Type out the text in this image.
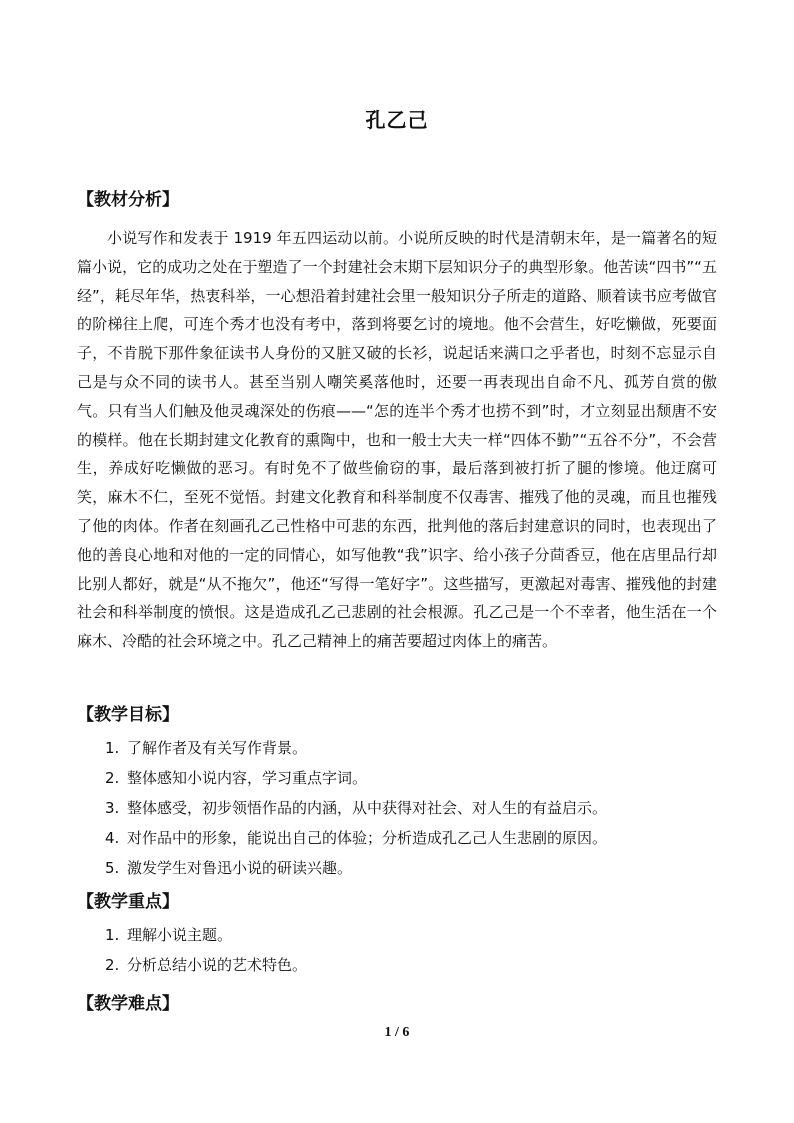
孔乙己
【教材分析】

小说写作和发表于 1919 年五四运动以前。小说所反映的时代是清朝末年，是一篇著名的短篇小说，它的成功之处在于塑造了一个封建社会末期下层知识分子的典型形象。他苦读“四书”“五经”，耗尽年华，热衷科举，一心想沿着封建社会里一般知识分子所走的道路、顺着读书应考做官的阶梯往上爬，可连个秀才也没有考中，落到将要乞讨的境地。他不会营生，好吃懒做，死要面子，不肯脱下那件象征读书人身份的又脏又破的长衫，说起话来满口之乎者也，时刻不忘显示自己是与众不同的读书人。甚至当别人嘲笑奚落他时，还要一再表现出自命不凡、孤芳自赏的傲气。只有当人们触及他灵魂深处的伤痕——“怎的连半个秀才也捞不到”时，才立刻显出颓唐不安的模样。他在长期封建文化教育的熏陶中，也和一般士大夫一样“四体不勤”“五谷不分”，不会营生，养成好吃懒做的恶习。有时免不了做些偷窃的事，最后落到被打折了腿的惨境。他迂腐可笑，麻木不仁，至死不觉悟。封建文化教育和科举制度不仅毒害、摧残了他的灵魂，而且也摧残了他的肉体。作者在刻画孔乙己性格中可悲的东西，批判他的落后封建意识的同时，也表现出了他的善良心地和对他的一定的同情心，如写他教“我”识字、给小孩子分茴香豆，他在店里品行却比别人都好，就是“从不拖欠”，他还“写得一笔好字”。这些描写，更激起对毒害、摧残他的封建社会和科举制度的愤恨。这是造成孔乙己悲剧的社会根源。孔乙己是一个不幸者，他生活在一个麻木、冷酷的社会环境之中。孔乙己精神上的痛苦要超过肉体上的痛苦。

【教学目标】
1. 了解作者及有关写作背景。
2. 整体感知小说内容，学习重点字词。
3. 整体感受，初步领悟作品的内涵，从中获得对社会、对人生的有益启示。
4. 对作品中的形象，能说出自己的体验；分析造成孔乙己人生悲剧的原因。
5. 激发学生对鲁迅小说的研读兴趣。
【教学重点】
1. 理解小说主题。
2. 分析总结小说的艺术特色。
【教学难点】
1 / 6
